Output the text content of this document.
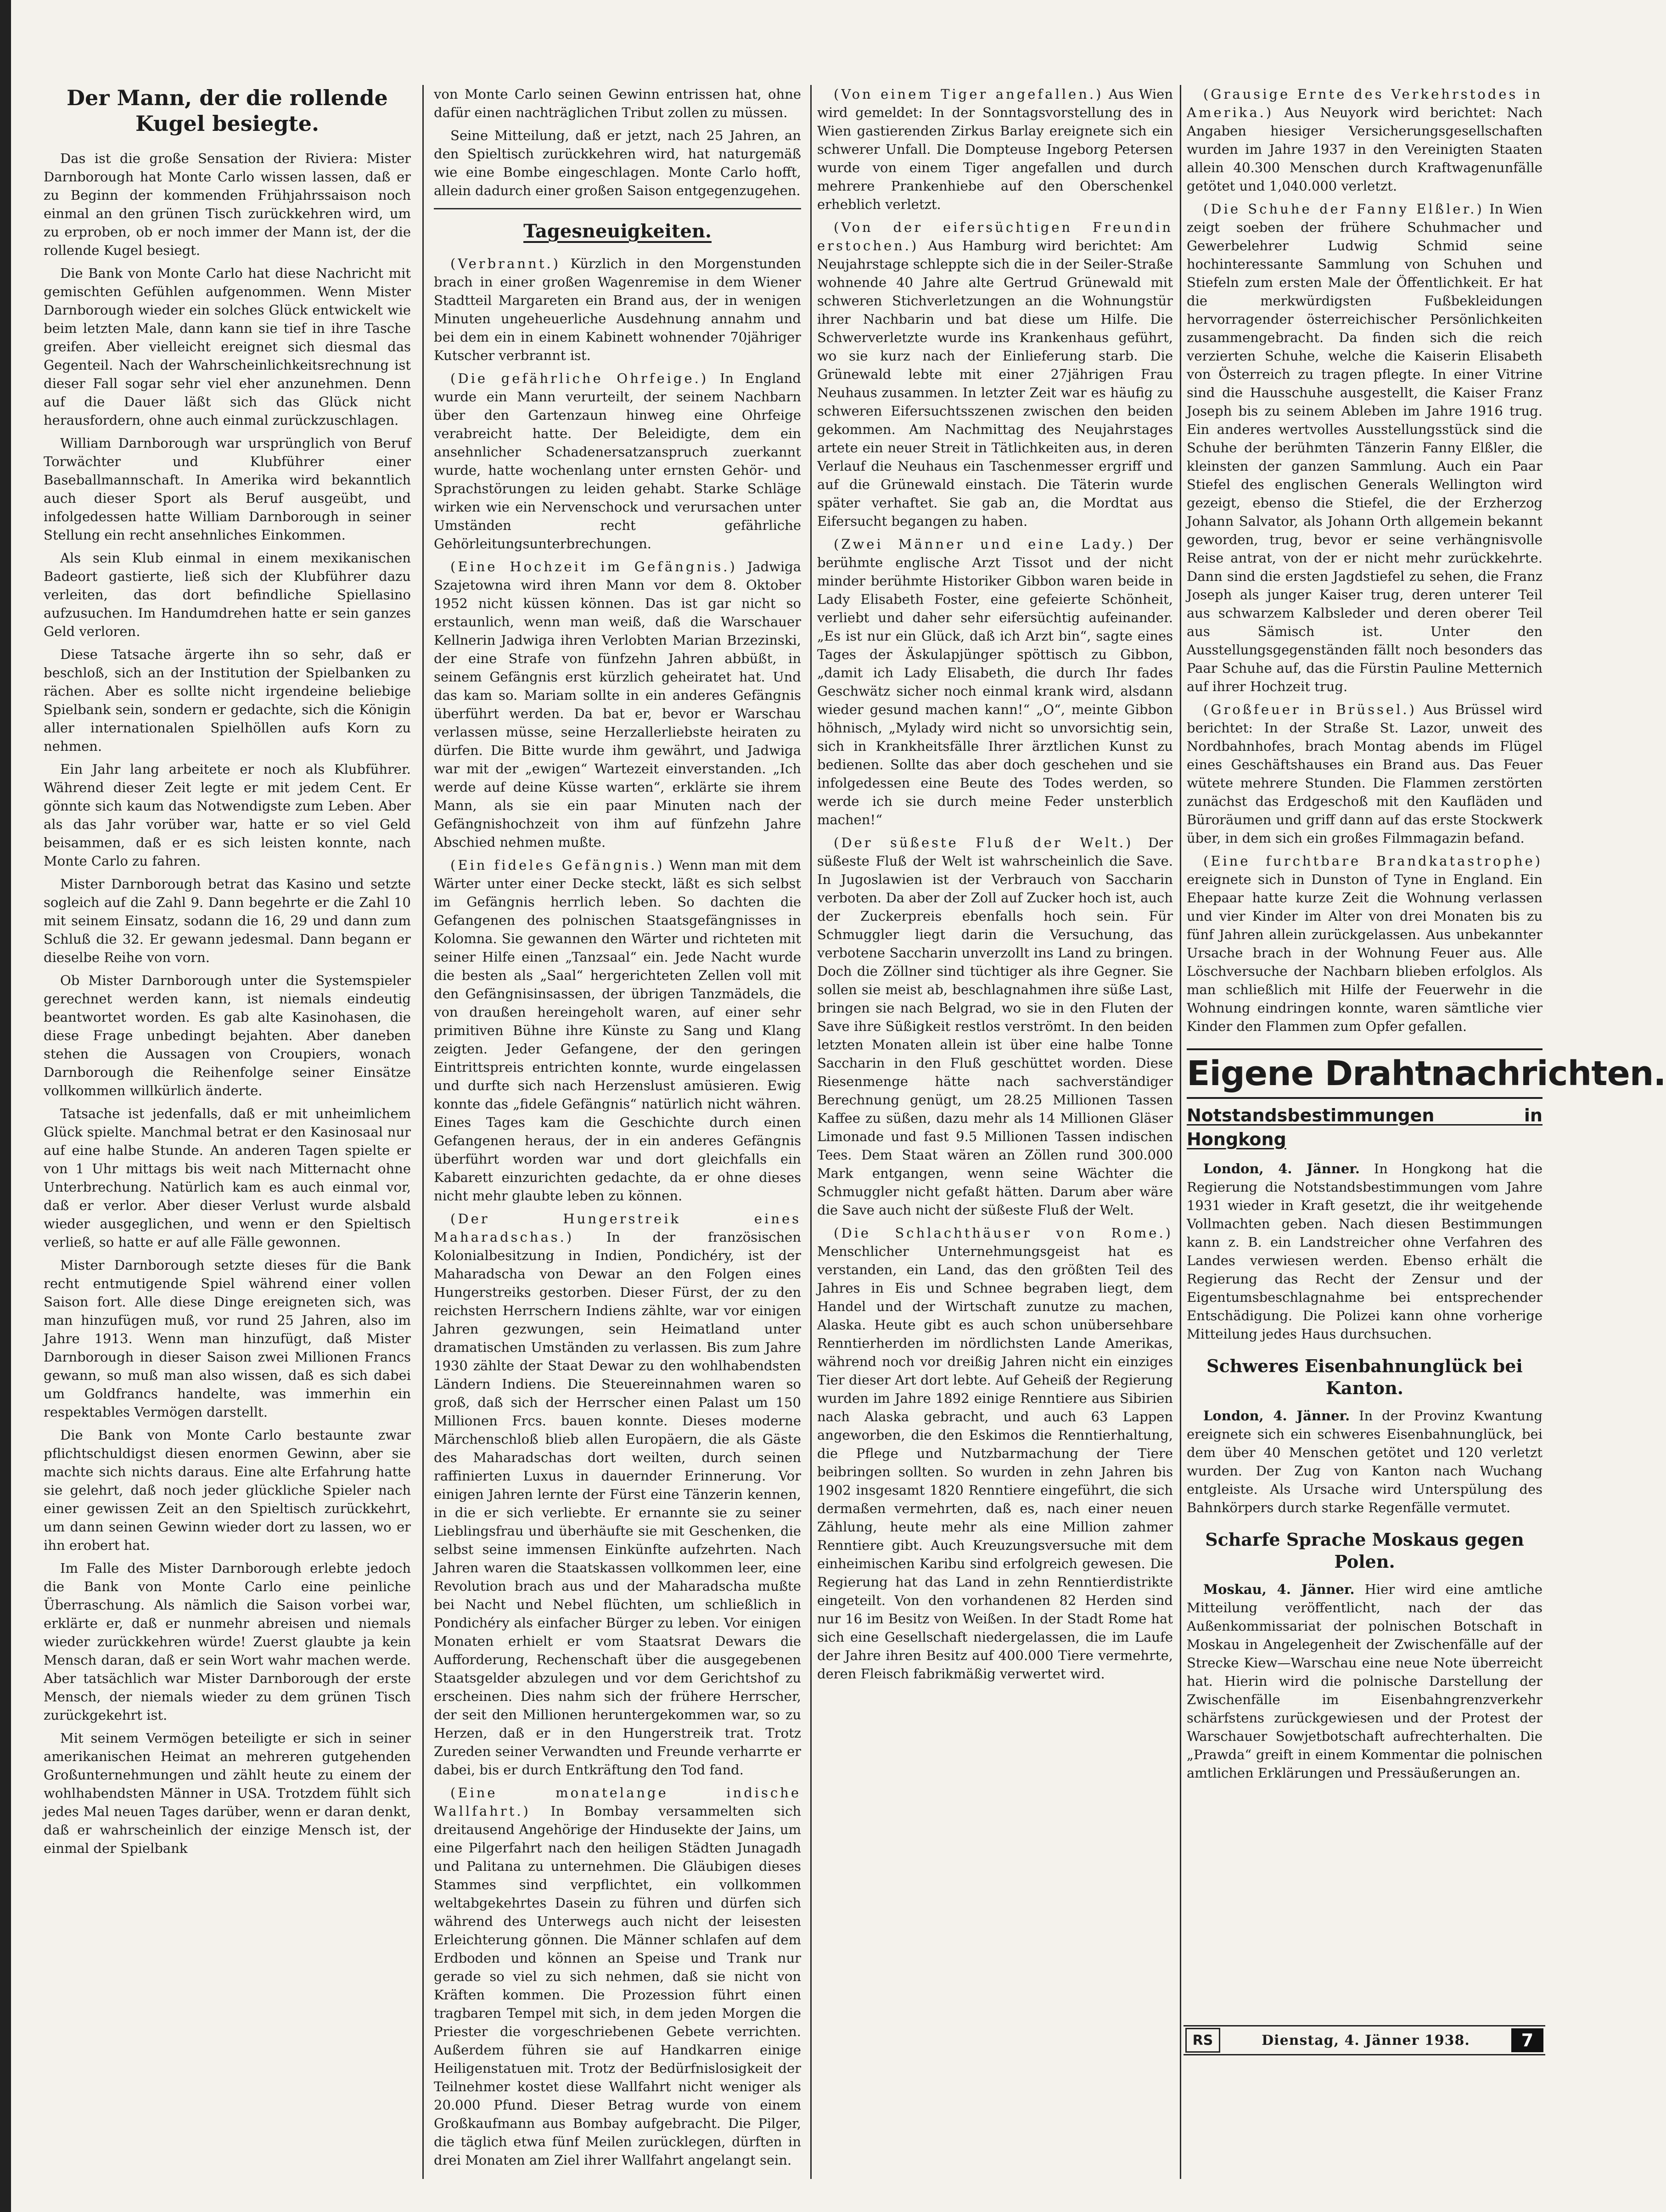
Der Mann, der die rollende Kugel besiegte.

Das ist die große Sensation der Riviera: Mister Darnborough hat Monte Carlo wissen lassen, daß er zu Beginn der kommenden Frühjahrssaison noch einmal an den grünen Tisch zurückkehren wird, um zu erproben, ob er noch immer der Mann ist, der die rollende Kugel besiegt.

Die Bank von Monte Carlo hat diese Nachricht mit gemischten Gefühlen aufgenommen. Wenn Mister Darnborough wieder ein solches Glück entwickelt wie beim letzten Male, dann kann sie tief in ihre Tasche greifen. Aber vielleicht ereignet sich diesmal das Gegenteil. Nach der Wahrscheinlichkeitsrechnung ist dieser Fall sogar sehr viel eher anzunehmen. Denn auf die Dauer läßt sich das Glück nicht herausfordern, ohne auch einmal zurückzuschlagen.

William Darnborough war ursprünglich von Beruf Torwächter und Klubführer einer Baseballmannschaft. In Amerika wird bekanntlich auch dieser Sport als Beruf ausgeübt, und infolgedessen hatte William Darnborough in seiner Stellung ein recht ansehnliches Einkommen.

Als sein Klub einmal in einem mexikanischen Badeort gastierte, ließ sich der Klubführer dazu verleiten, das dort befindliche Spiellasino aufzusuchen. Im Handumdrehen hatte er sein ganzes Geld verloren.

Diese Tatsache ärgerte ihn so sehr, daß er beschloß, sich an der Institution der Spielbanken zu rächen. Aber es sollte nicht irgendeine beliebige Spielbank sein, sondern er gedachte, sich die Königin aller internationalen Spielhöllen aufs Korn zu nehmen.

Ein Jahr lang arbeitete er noch als Klubführer. Während dieser Zeit legte er mit jedem Cent. Er gönnte sich kaum das Notwendigste zum Leben. Aber als das Jahr vorüber war, hatte er so viel Geld beisammen, daß er es sich leisten konnte, nach Monte Carlo zu fahren.

Mister Darnborough betrat das Kasino und setzte sogleich auf die Zahl 9. Dann begehrte er die Zahl 10 mit seinem Einsatz, sodann die 16, 29 und dann zum Schluß die 32. Er gewann jedesmal. Dann begann er dieselbe Reihe von vorn.

Ob Mister Darnborough unter die Systemspieler gerechnet werden kann, ist niemals eindeutig beantwortet worden. Es gab alte Kasinohasen, die diese Frage unbedingt bejahten. Aber daneben stehen die Aussagen von Croupiers, wonach Darnborough die Reihenfolge seiner Einsätze vollkommen willkürlich änderte.

Tatsache ist jedenfalls, daß er mit unheimlichem Glück spielte. Manchmal betrat er den Kasinosaal nur auf eine halbe Stunde. An anderen Tagen spielte er von 1 Uhr mittags bis weit nach Mitternacht ohne Unterbrechung. Natürlich kam es auch einmal vor, daß er verlor. Aber dieser Verlust wurde alsbald wieder ausgeglichen, und wenn er den Spieltisch verließ, so hatte er auf alle Fälle gewonnen.

Mister Darnborough setzte dieses für die Bank recht entmutigende Spiel während einer vollen Saison fort. Alle diese Dinge ereigneten sich, was man hinzufügen muß, vor rund 25 Jahren, also im Jahre 1913. Wenn man hinzufügt, daß Mister Darnborough in dieser Saison zwei Millionen Francs gewann, so muß man also wissen, daß es sich dabei um Goldfrancs handelte, was immerhin ein respektables Vermögen darstellt.

Die Bank von Monte Carlo bestaunte zwar pflichtschuldigst diesen enormen Gewinn, aber sie machte sich nichts daraus. Eine alte Erfahrung hatte sie gelehrt, daß noch jeder glückliche Spieler nach einer gewissen Zeit an den Spieltisch zurückkehrt, um dann seinen Gewinn wieder dort zu lassen, wo er ihn erobert hat.

Im Falle des Mister Darnborough erlebte jedoch die Bank von Monte Carlo eine peinliche Überraschung. Als nämlich die Saison vorbei war, erklärte er, daß er nunmehr abreisen und niemals wieder zurückkehren würde! Zuerst glaubte ja kein Mensch daran, daß er sein Wort wahr machen werde. Aber tatsächlich war Mister Darnborough der erste Mensch, der niemals wieder zu dem grünen Tisch zurückgekehrt ist.

Mit seinem Vermögen beteiligte er sich in seiner amerikanischen Heimat an mehreren gutgehenden Großunternehmungen und zählt heute zu einem der wohlhabendsten Männer in USA. Trotzdem fühlt sich jedes Mal neuen Tages darüber, wenn er daran denkt, daß er wahrscheinlich der einzige Mensch ist, der einmal der Spielbank

von Monte Carlo seinen Gewinn entrissen hat, ohne dafür einen nachträglichen Tribut zollen zu müssen.

Seine Mitteilung, daß er jetzt, nach 25 Jahren, an den Spieltisch zurückkehren wird, hat naturgemäß wie eine Bombe eingeschlagen. Monte Carlo hofft, allein dadurch einer großen Saison entgegenzugehen.

Tagesneuigkeiten.

(Verbrannt.) Kürzlich in den Morgenstunden brach in einer großen Wagenremise in dem Wiener Stadtteil Margareten ein Brand aus, der in wenigen Minuten ungeheuerliche Ausdehnung annahm und bei dem ein in einem Kabinett wohnender 70jähriger Kutscher verbrannt ist.

(Die gefährliche Ohrfeige.) In England wurde ein Mann verurteilt, der seinem Nachbarn über den Gartenzaun hinweg eine Ohrfeige verabreicht hatte. Der Beleidigte, dem ein ansehnlicher Schadenersatzanspruch zuerkannt wurde, hatte wochenlang unter ernsten Gehör- und Sprachstörungen zu leiden gehabt. Starke Schläge wirken wie ein Nervenschock und verursachen unter Umständen recht gefährliche Gehörleitungsunterbrechungen.

(Eine Hochzeit im Gefängnis.) Jadwiga Szajetowna wird ihren Mann vor dem 8. Oktober 1952 nicht küssen können. Das ist gar nicht so erstaunlich, wenn man weiß, daß die Warschauer Kellnerin Jadwiga ihren Verlobten Marian Brzezinski, der eine Strafe von fünfzehn Jahren abbüßt, in seinem Gefängnis erst kürzlich geheiratet hat. Und das kam so. Mariam sollte in ein anderes Gefängnis überführt werden. Da bat er, bevor er Warschau verlassen müsse, seine Herzallerliebste heiraten zu dürfen. Die Bitte wurde ihm gewährt, und Jadwiga war mit der „ewigen“ Wartezeit einverstanden. „Ich werde auf deine Küsse warten“, erklärte sie ihrem Mann, als sie ein paar Minuten nach der Gefängnishochzeit von ihm auf fünfzehn Jahre Abschied nehmen mußte.

(Ein fideles Gefängnis.) Wenn man mit dem Wärter unter einer Decke steckt, läßt es sich selbst im Gefängnis herrlich leben. So dachten die Gefangenen des polnischen Staatsgefängnisses in Kolomna. Sie gewannen den Wärter und richteten mit seiner Hilfe einen „Tanzsaal“ ein. Jede Nacht wurde die besten als „Saal“ hergerichteten Zellen voll mit den Gefängnisinsassen, der übrigen Tanzmädels, die von draußen hereingeholt waren, auf einer sehr primitiven Bühne ihre Künste zu Sang und Klang zeigten. Jeder Gefangene, der den geringen Eintrittspreis entrichten konnte, wurde eingelassen und durfte sich nach Herzenslust amüsieren. Ewig konnte das „fidele Gefängnis“ natürlich nicht währen. Eines Tages kam die Geschichte durch einen Gefangenen heraus, der in ein anderes Gefängnis überführt worden war und dort gleichfalls ein Kabarett einzurichten gedachte, da er ohne dieses nicht mehr glaubte leben zu können.

(Der Hungerstreik eines Maharadschas.) In der französischen Kolonialbesitzung in Indien, Pondichéry, ist der Maharadscha von Dewar an den Folgen eines Hungerstreiks gestorben. Dieser Fürst, der zu den reichsten Herrschern Indiens zählte, war vor einigen Jahren gezwungen, sein Heimatland unter dramatischen Umständen zu verlassen. Bis zum Jahre 1930 zählte der Staat Dewar zu den wohlhabendsten Ländern Indiens. Die Steuereinnahmen waren so groß, daß sich der Herrscher einen Palast um 150 Millionen Frcs. bauen konnte. Dieses moderne Märchenschloß blieb allen Europäern, die als Gäste des Maharadschas dort weilten, durch seinen raffinierten Luxus in dauernder Erinnerung. Vor einigen Jahren lernte der Fürst eine Tänzerin kennen, in die er sich verliebte. Er ernannte sie zu seiner Lieblingsfrau und überhäufte sie mit Geschenken, die selbst seine immensen Einkünfte aufzehrten. Nach Jahren waren die Staatskassen vollkommen leer, eine Revolution brach aus und der Maharadscha mußte bei Nacht und Nebel flüchten, um schließlich in Pondichéry als einfacher Bürger zu leben. Vor einigen Monaten erhielt er vom Staatsrat Dewars die Aufforderung, Rechenschaft über die ausgegebenen Staatsgelder abzulegen und vor dem Gerichtshof zu erscheinen. Dies nahm sich der frühere Herrscher, der seit den Millionen heruntergekommen war, so zu Herzen, daß er in den Hungerstreik trat. Trotz Zureden seiner Verwandten und Freunde verharrte er dabei, bis er durch Entkräftung den Tod fand.

(Eine monatelange indische Wallfahrt.) In Bombay versammelten sich dreitausend Angehörige der Hindusekte der Jains, um eine Pilgerfahrt nach den heiligen Städten Junagadh und Palitana zu unternehmen. Die Gläubigen dieses Stammes sind verpflichtet, ein vollkommen weltabgekehrtes Dasein zu führen und dürfen sich während des Unterwegs auch nicht der leisesten Erleichterung gönnen. Die Männer schlafen auf dem Erdboden und können an Speise und Trank nur gerade so viel zu sich nehmen, daß sie nicht von Kräften kommen. Die Prozession führt einen tragbaren Tempel mit sich, in dem jeden Morgen die Priester die vorgeschriebenen Gebete verrichten. Außerdem führen sie auf Handkarren einige Heiligenstatuen mit. Trotz der Bedürfnislosigkeit der Teilnehmer kostet diese Wallfahrt nicht weniger als 20.000 Pfund. Dieser Betrag wurde von einem Großkaufmann aus Bombay aufgebracht. Die Pilger, die täglich etwa fünf Meilen zurücklegen, dürften in drei Monaten am Ziel ihrer Wallfahrt angelangt sein.

(Von einem Tiger angefallen.) Aus Wien wird gemeldet: In der Sonntagsvorstellung des in Wien gastierenden Zirkus Barlay ereignete sich ein schwerer Unfall. Die Dompteuse Ingeborg Petersen wurde von einem Tiger angefallen und durch mehrere Prankenhiebe auf den Oberschenkel erheblich verletzt.

(Von der eifersüchtigen Freundin erstochen.) Aus Hamburg wird berichtet: Am Neujahrstage schleppte sich die in der Seiler-Straße wohnende 40 Jahre alte Gertrud Grünewald mit schweren Stichverletzungen an die Wohnungstür ihrer Nachbarin und bat diese um Hilfe. Die Schwerverletzte wurde ins Krankenhaus geführt, wo sie kurz nach der Einlieferung starb. Die Grünewald lebte mit einer 27jährigen Frau Neuhaus zusammen. In letzter Zeit war es häufig zu schweren Eifersuchtsszenen zwischen den beiden gekommen. Am Nachmittag des Neujahrstages artete ein neuer Streit in Tätlichkeiten aus, in deren Verlauf die Neuhaus ein Taschenmesser ergriff und auf die Grünewald einstach. Die Täterin wurde später verhaftet. Sie gab an, die Mordtat aus Eifersucht begangen zu haben.

(Zwei Männer und eine Lady.) Der berühmte englische Arzt Tissot und der nicht minder berühmte Historiker Gibbon waren beide in Lady Elisabeth Foster, eine gefeierte Schönheit, verliebt und daher sehr eifersüchtig aufeinander. „Es ist nur ein Glück, daß ich Arzt bin“, sagte eines Tages der Äskulapjünger spöttisch zu Gibbon, „damit ich Lady Elisabeth, die durch Ihr fades Geschwätz sicher noch einmal krank wird, alsdann wieder gesund machen kann!“ „O“, meinte Gibbon höhnisch, „Mylady wird nicht so unvorsichtig sein, sich in Krankheitsfälle Ihrer ärztlichen Kunst zu bedienen. Sollte das aber doch geschehen und sie infolgedessen eine Beute des Todes werden, so werde ich sie durch meine Feder unsterblich machen!“

(Der süßeste Fluß der Welt.) Der süßeste Fluß der Welt ist wahrscheinlich die Save. In Jugoslawien ist der Verbrauch von Saccharin verboten. Da aber der Zoll auf Zucker hoch ist, auch der Zuckerpreis ebenfalls hoch sein. Für Schmuggler liegt darin die Versuchung, das verbotene Saccharin unverzollt ins Land zu bringen. Doch die Zöllner sind tüchtiger als ihre Gegner. Sie sollen sie meist ab, beschlagnahmen ihre süße Last, bringen sie nach Belgrad, wo sie in den Fluten der Save ihre Süßigkeit restlos verströmt. In den beiden letzten Monaten allein ist über eine halbe Tonne Saccharin in den Fluß geschüttet worden. Diese Riesenmenge hätte nach sachverständiger Berechnung genügt, um 28.25 Millionen Tassen Kaffee zu süßen, dazu mehr als 14 Millionen Gläser Limonade und fast 9.5 Millionen Tassen indischen Tees. Dem Staat wären an Zöllen rund 300.000 Mark entgangen, wenn seine Wächter die Schmuggler nicht gefaßt hätten. Darum aber wäre die Save auch nicht der süßeste Fluß der Welt.

(Die Schlachthäuser von Rome.) Menschlicher Unternehmungsgeist hat es verstanden, ein Land, das den größten Teil des Jahres in Eis und Schnee begraben liegt, dem Handel und der Wirtschaft zunutze zu machen, Alaska. Heute gibt es auch schon unübersehbare Renntierherden im nördlichsten Lande Amerikas, während noch vor dreißig Jahren nicht ein einziges Tier dieser Art dort lebte. Auf Geheiß der Regierung wurden im Jahre 1892 einige Renntiere aus Sibirien nach Alaska gebracht, und auch 63 Lappen angeworben, die den Eskimos die Renntierhaltung, die Pflege und Nutzbarmachung der Tiere beibringen sollten. So wurden in zehn Jahren bis 1902 insgesamt 1820 Renntiere eingeführt, die sich dermaßen vermehrten, daß es, nach einer neuen Zählung, heute mehr als eine Million zahmer Renntiere gibt. Auch Kreuzungsversuche mit dem einheimischen Karibu sind erfolgreich gewesen. Die Regierung hat das Land in zehn Renntierdistrikte eingeteilt. Von den vorhandenen 82 Herden sind nur 16 im Besitz von Weißen. In der Stadt Rome hat sich eine Gesellschaft niedergelassen, die im Laufe der Jahre ihren Besitz auf 400.000 Tiere vermehrte, deren Fleisch fabrikmäßig verwertet wird.

(Grausige Ernte des Verkehrstodes in Amerika.) Aus Neuyork wird berichtet: Nach Angaben hiesiger Versicherungsgesellschaften wurden im Jahre 1937 in den Vereinigten Staaten allein 40.300 Menschen durch Kraftwagenunfälle getötet und 1,040.000 verletzt.

(Die Schuhe der Fanny Elßler.) In Wien zeigt soeben der frühere Schuhmacher und Gewerbelehrer Ludwig Schmid seine hochinteressante Sammlung von Schuhen und Stiefeln zum ersten Male der Öffentlichkeit. Er hat die merkwürdigsten Fußbekleidungen hervorragender österreichischer Persönlichkeiten zusammengebracht. Da finden sich die reich verzierten Schuhe, welche die Kaiserin Elisabeth von Österreich zu tragen pflegte. In einer Vitrine sind die Hausschuhe ausgestellt, die Kaiser Franz Joseph bis zu seinem Ableben im Jahre 1916 trug. Ein anderes wertvolles Ausstellungsstück sind die Schuhe der berühmten Tänzerin Fanny Elßler, die kleinsten der ganzen Sammlung. Auch ein Paar Stiefel des englischen Generals Wellington wird gezeigt, ebenso die Stiefel, die der Erzherzog Johann Salvator, als Johann Orth allgemein bekannt geworden, trug, bevor er seine verhängnisvolle Reise antrat, von der er nicht mehr zurückkehrte. Dann sind die ersten Jagdstiefel zu sehen, die Franz Joseph als junger Kaiser trug, deren unterer Teil aus schwarzem Kalbsleder und deren oberer Teil aus Sämisch ist. Unter den Ausstellungsgegenständen fällt noch besonders das Paar Schuhe auf, das die Fürstin Pauline Metternich auf ihrer Hochzeit trug.

(Großfeuer in Brüssel.) Aus Brüssel wird berichtet: In der Straße St. Lazor, unweit des Nordbahnhofes, brach Montag abends im Flügel eines Geschäftshauses ein Brand aus. Das Feuer wütete mehrere Stunden. Die Flammen zerstörten zunächst das Erdgeschoß mit den Kaufläden und Büroräumen und griff dann auf das erste Stockwerk über, in dem sich ein großes Filmmagazin befand.

(Eine furchtbare Brandkatastrophe) ereignete sich in Dunston of Tyne in England. Ein Ehepaar hatte kurze Zeit die Wohnung verlassen und vier Kinder im Alter von drei Monaten bis zu fünf Jahren allein zurückgelassen. Aus unbekannter Ursache brach in der Wohnung Feuer aus. Alle Löschversuche der Nachbarn blieben erfolglos. Als man schließlich mit Hilfe der Feuerwehr in die Wohnung eindringen konnte, waren sämtliche vier Kinder den Flammen zum Opfer gefallen.

Eigene Drahtnachrichten.
Notstandsbestimmungen in Hongkong

London, 4. Jänner. In Hongkong hat die Regierung die Notstandsbestimmungen vom Jahre 1931 wieder in Kraft gesetzt, die ihr weitgehende Vollmachten geben. Nach diesen Bestimmungen kann z. B. ein Landstreicher ohne Verfahren des Landes verwiesen werden. Ebenso erhält die Regierung das Recht der Zensur und der Eigentumsbeschlagnahme bei entsprechender Entschädigung. Die Polizei kann ohne vorherige Mitteilung jedes Haus durchsuchen.

Schweres Eisenbahnunglück bei Kanton.

London, 4. Jänner. In der Provinz Kwantung ereignete sich ein schweres Eisenbahnunglück, bei dem über 40 Menschen getötet und 120 verletzt wurden. Der Zug von Kanton nach Wuchang entgleiste. Als Ursache wird Unterspülung des Bahnkörpers durch starke Regenfälle vermutet.

Scharfe Sprache Moskaus gegen Polen.

Moskau, 4. Jänner. Hier wird eine amtliche Mitteilung veröffentlicht, nach der das Außenkommissariat der polnischen Botschaft in Moskau in Angelegenheit der Zwischenfälle auf der Strecke Kiew—Warschau eine neue Note überreicht hat. Hierin wird die polnische Darstellung der Zwischenfälle im Eisenbahngrenzverkehr schärfstens zurückgewiesen und der Protest der Warschauer Sowjetbotschaft aufrechterhalten. Die „Prawda“ greift in einem Kommentar die polnischen amtlichen Erklärungen und Pressäußerungen an.

RS	Dienstag, 4. Jänner 1938.	7
